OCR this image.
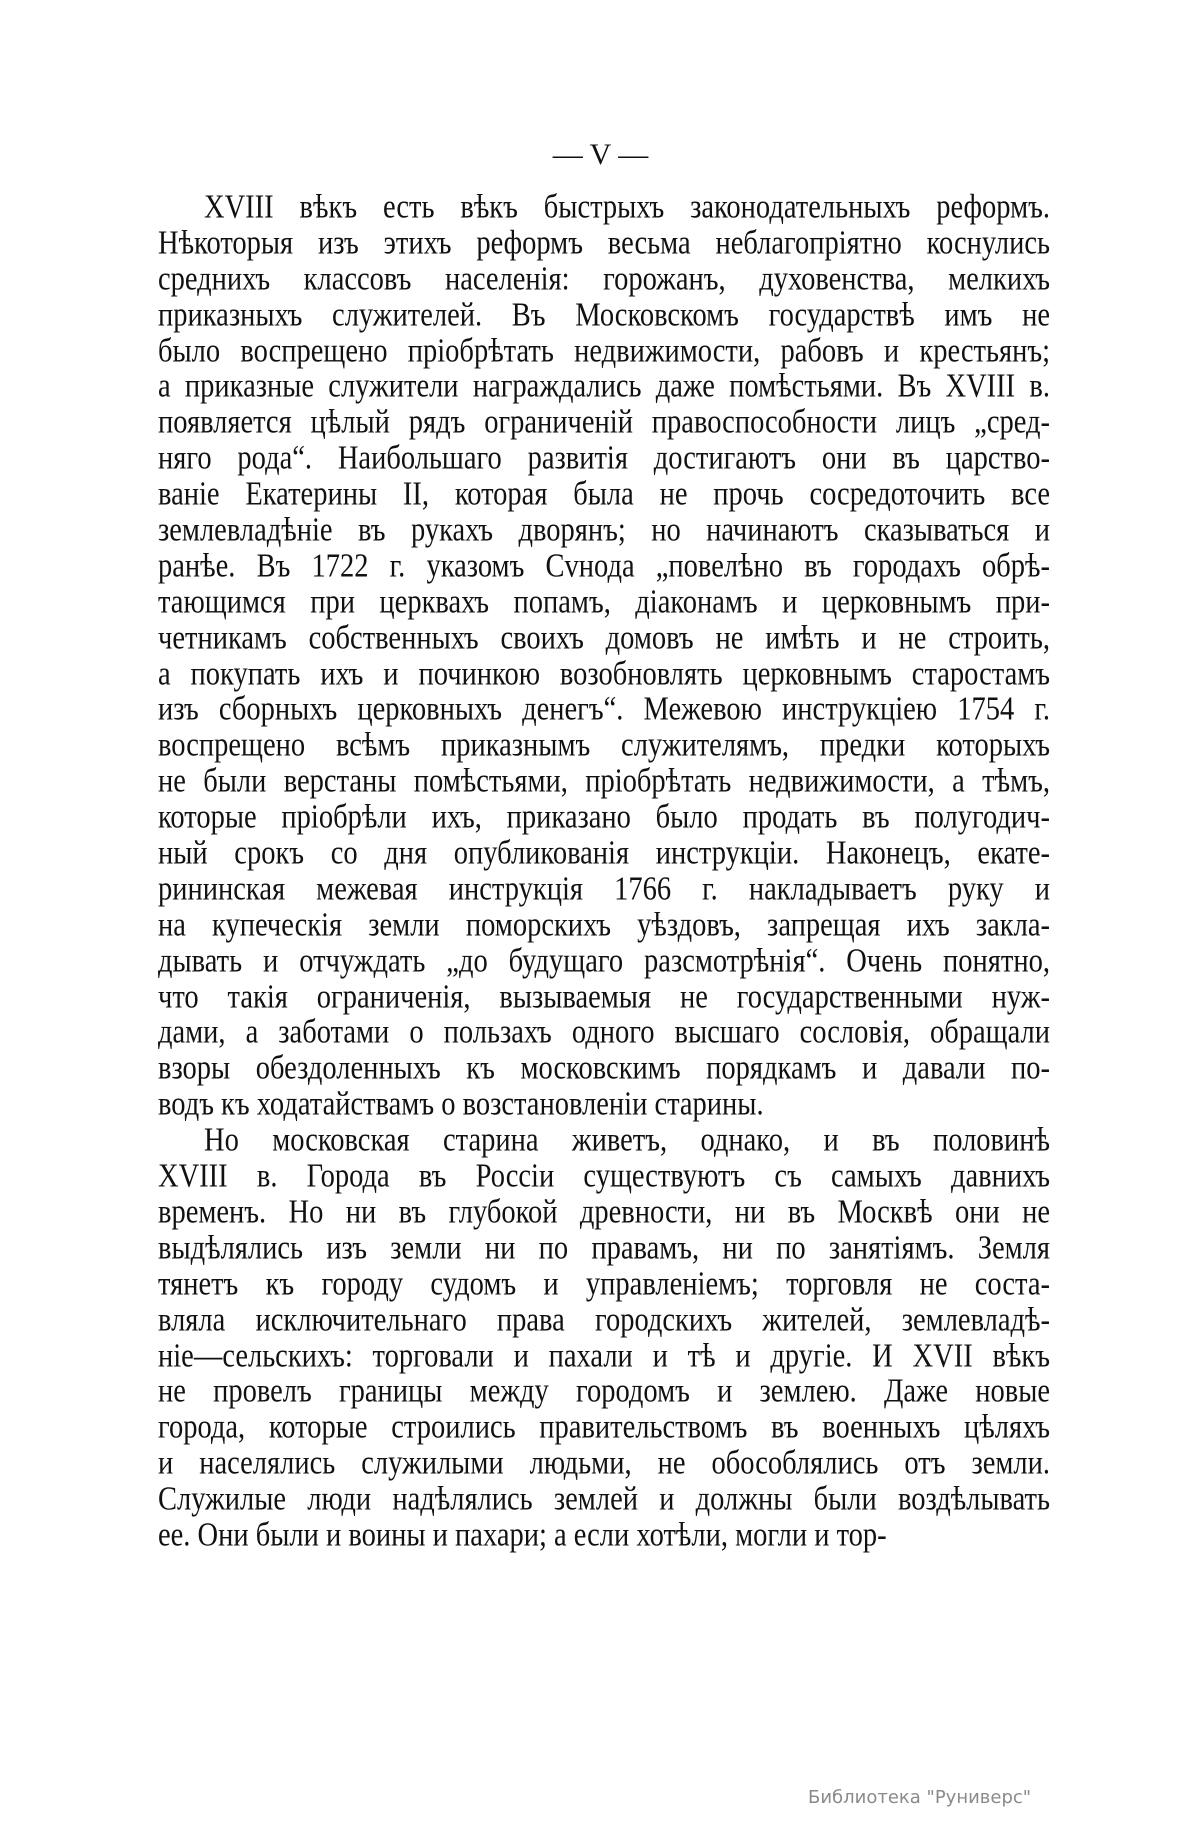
— V —
XVIII вѣкъ есть вѣкъ быстрыхъ законодательныхъ реформъ.
Нѣкоторыя изъ этихъ реформъ весьма неблагопріятно коснулись
среднихъ классовъ населенія: горожанъ, духовенства, мелкихъ
приказныхъ служителей. Въ Московскомъ государствѣ имъ не
было воспрещено пріобрѣтать недвижимости, рабовъ и крестьянъ;
а приказные служители награждались даже помѣстьями. Въ XVIII в.
появляется цѣлый рядъ ограниченій правоспособности лицъ „сред-
няго рода“. Наибольшаго развитія достигаютъ они въ царство-
ваніе Екатерины II, которая была не прочь сосредоточить все
землевладѣніе въ рукахъ дворянъ; но начинаютъ сказываться и
ранѣе. Въ 1722 г. указомъ Сvнода „повелѣно въ городахъ обрѣ-
тающимся при церквахъ попамъ, діаконамъ и церковнымъ при-
четникамъ собственныхъ своихъ домовъ не имѣть и не строить,
а покупать ихъ и починкою возобновлять церковнымъ старостамъ
изъ сборныхъ церковныхъ денегъ“. Межевою инструкціею 1754 г.
воспрещено всѣмъ приказнымъ служителямъ, предки которыхъ
не были верстаны помѣстьями, пріобрѣтать недвижимости, а тѣмъ,
которые пріобрѣли ихъ, приказано было продать въ полугодич-
ный срокъ со дня опубликованія инструкціи. Наконецъ, екате-
рининская межевая инструкція 1766 г. накладываетъ руку и
на купеческія земли поморскихъ уѣздовъ, запрещая ихъ закла-
дывать и отчуждать „до будущаго разсмотрѣнія“. Очень понятно,
что такія ограниченія, вызываемыя не государственными нуж-
дами, а заботами о пользахъ одного высшаго сословія, обращали
взоры обездоленныхъ къ московскимъ порядкамъ и давали по-
водъ къ ходатайствамъ о возстановленіи старины.
Но московская старина живетъ, однако, и въ половинѣ
XVIII в. Города въ Россіи существуютъ съ самыхъ давнихъ
временъ. Но ни въ глубокой древности, ни въ Москвѣ они не
выдѣлялись изъ земли ни по правамъ, ни по занятіямъ. Земля
тянетъ къ городу судомъ и управленіемъ; торговля не соста-
вляла исключительнаго права городскихъ жителей, землевладѣ-
ніе—сельскихъ: торговали и пахали и тѣ и другіе. И XVII вѣкъ
не провелъ границы между городомъ и землею. Даже новые
города, которые строились правительствомъ въ военныхъ цѣляхъ
и населялись служилыми людьми, не обособлялись отъ земли.
Служилые люди надѣлялись землей и должны были воздѣлывать
ее. Они были и воины и пахари; а если хотѣли, могли и тор-
Библиотека "Руниверс"
